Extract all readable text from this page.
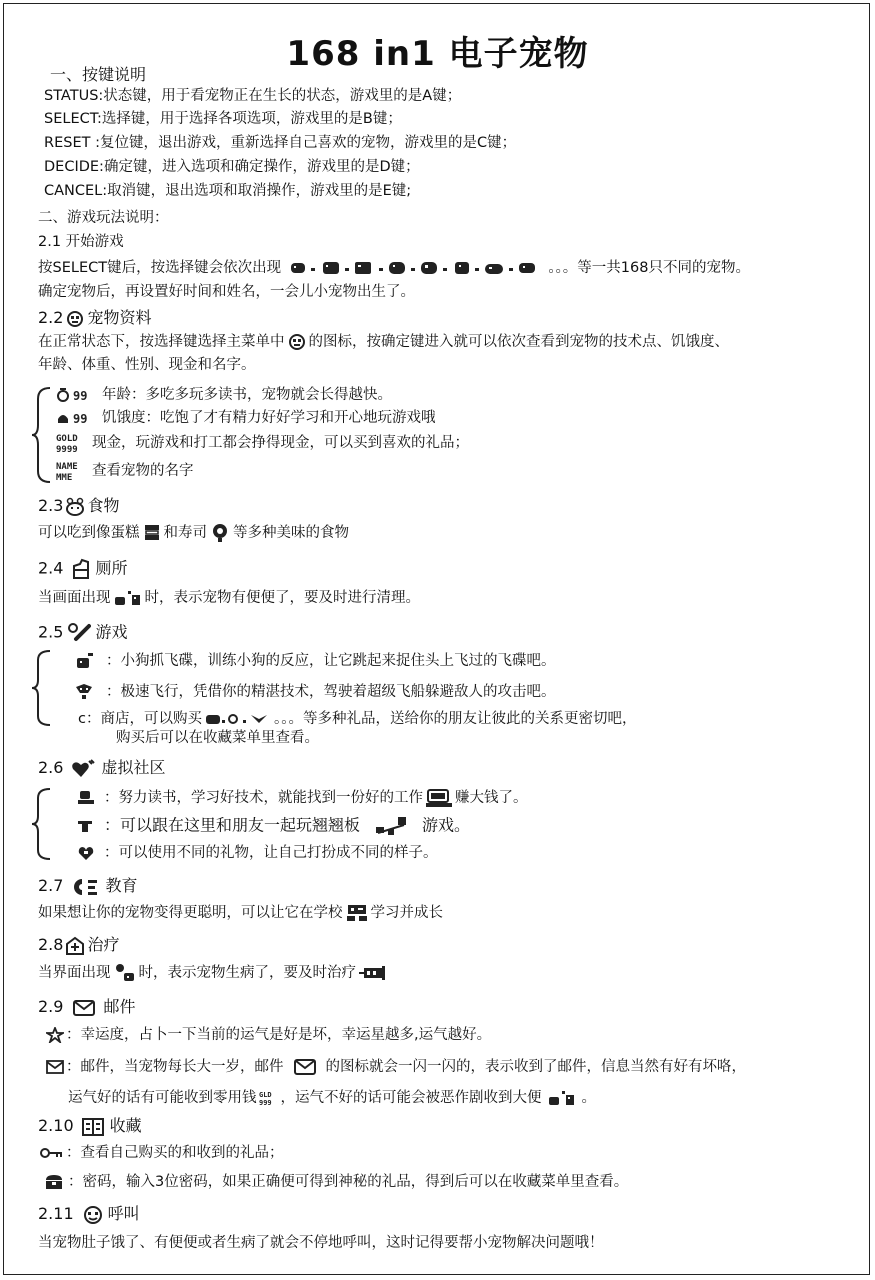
168 in1 电子宠物
一、按键说明
STATUS:状态键，用于看宠物正在生长的状态，游戏里的是A键；
SELECT:选择键，用于选择各项选项，游戏里的是B键；
RESET :复位键，退出游戏，重新选择自己喜欢的宠物，游戏里的是C键；
DECIDE:确定键，进入选项和确定操作，游戏里的是D键；
CANCEL:取消键，退出选项和取消操作，游戏里的是E键;
二、游戏玩法说明：
2.1 开始游戏
按SELECT键后，按选择键会依次出现	。。。等一共168只不同的宠物。
确定宠物后，再设置好时间和姓名，一会儿小宠物出生了。
2.2 宠物资料
在正常状态下，按选择键选择主菜单中 的图标，按确定键进入就可以依次查看到宠物的技术点、饥饿度、
年龄、体重、性别、现金和名字。
99 年龄：多吃多玩多读书，宠物就会长得越快。
99 饥饿度：吃饱了才有精力好好学习和开心地玩游戏哦
GOLD
9999 现金，玩游戏和打工都会挣得现金，可以买到喜欢的礼品；
NAME
MME 查看宠物的名字
2.3 食物
可以吃到像蛋糕 和寿司 等多种美味的食物
2.4 厕所
当画面出现 时，表示宠物有便便了，要及时进行清理。
2.5 游戏
：小狗抓飞碟，训练小狗的反应，让它跳起来捉住头上飞过的飞碟吧。
：极速飞行，凭借你的精湛技术，驾驶着超级飞船躲避敌人的攻击吧。
c：商店，可以购买	。。。等多种礼品，送给你的朋友让彼此的关系更密切吧，
购买后可以在收藏菜单里查看。
2.6 虚拟社区
：努力读书，学习好技术，就能找到一份好的工作 赚大钱了。
：可以跟在这里和朋友一起玩翘翘板	游戏。
：可以使用不同的礼物，让自己打扮成不同的样子。
2.7	教育
如果想让你的宠物变得更聪明，可以让它在学校 学习并成长
2.8 治疗
当界面出现 时，表示宠物生病了，要及时治疗
2.9	邮件
：幸运度，占卜一下当前的运气是好是坏，幸运星越多,运气越好。
：邮件，当宠物每长大一岁，邮件	的图标就会一闪一闪的，表示收到了邮件，信息当然有好有坏咯，
运气好的话有可能收到零用钱 GLD
999 ，运气不好的话可能会被恶作剧收到大便	。
2.10 收藏
：查看自己购买的和收到的礼品；
：密码，输入3位密码，如果正确便可得到神秘的礼品，得到后可以在收藏菜单里查看。
2.11 呼叫
当宠物肚子饿了、有便便或者生病了就会不停地呼叫，这时记得要帮小宠物解决问题哦！
